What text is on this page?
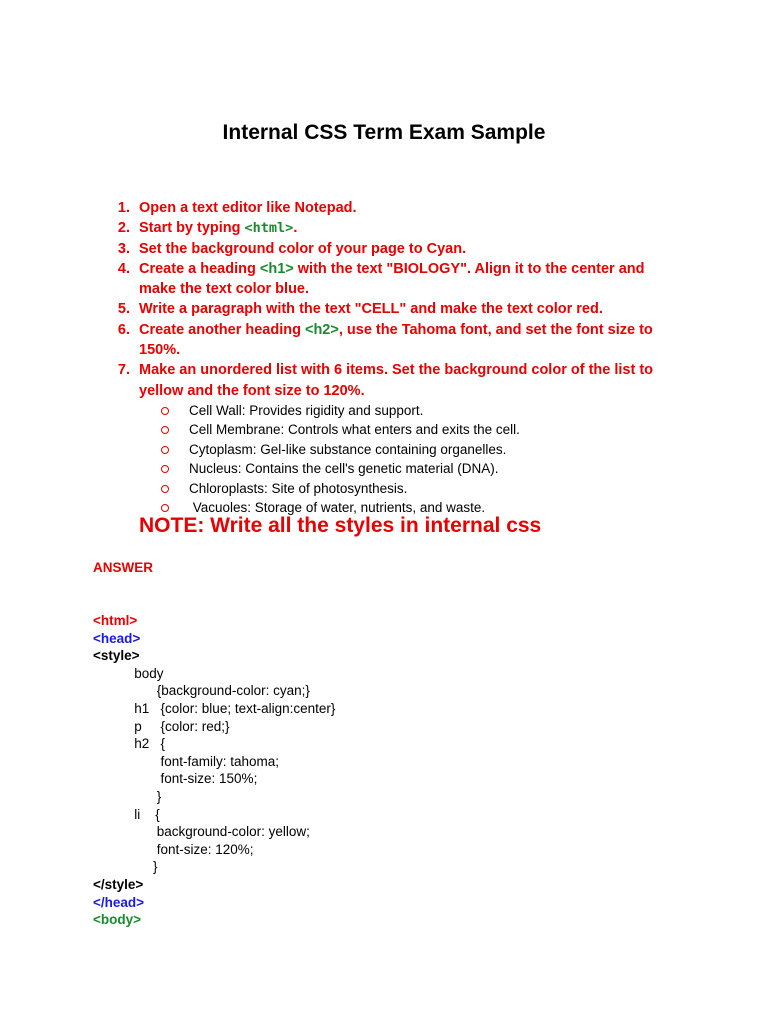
Internal CSS Term Exam Sample
1. Open a text editor like Notepad.
2. Start by typing <html>.
3. Set the background color of your page to Cyan.
4. Create a heading <h1> with the text "BIOLOGY". Align it to the center and make the text color blue.
5. Write a paragraph with the text "CELL" and make the text color red.
6. Create another heading <h2>, use the Tahoma font, and set the font size to 150%.
7. Make an unordered list with 6 items. Set the background color of the list to yellow and the font size to 120%.
Cell Wall: Provides rigidity and support.
Cell Membrane: Controls what enters and exits the cell.
Cytoplasm: Gel-like substance containing organelles.
Nucleus: Contains the cell's genetic material (DNA).
Chloroplasts: Site of photosynthesis.
Vacuoles: Storage of water, nutrients, and waste.

NOTE: Write all the styles in internal css

ANSWER
<html>
<head>
<style>
body
{background-color: cyan;}
h1   {color: blue; text-align:center}
p     {color: red;}
h2   {
font-family: tahoma;
font-size: 150%;
}
li    {
background-color: yellow;
font-size: 120%;
}
</style>
</head>
<body>
